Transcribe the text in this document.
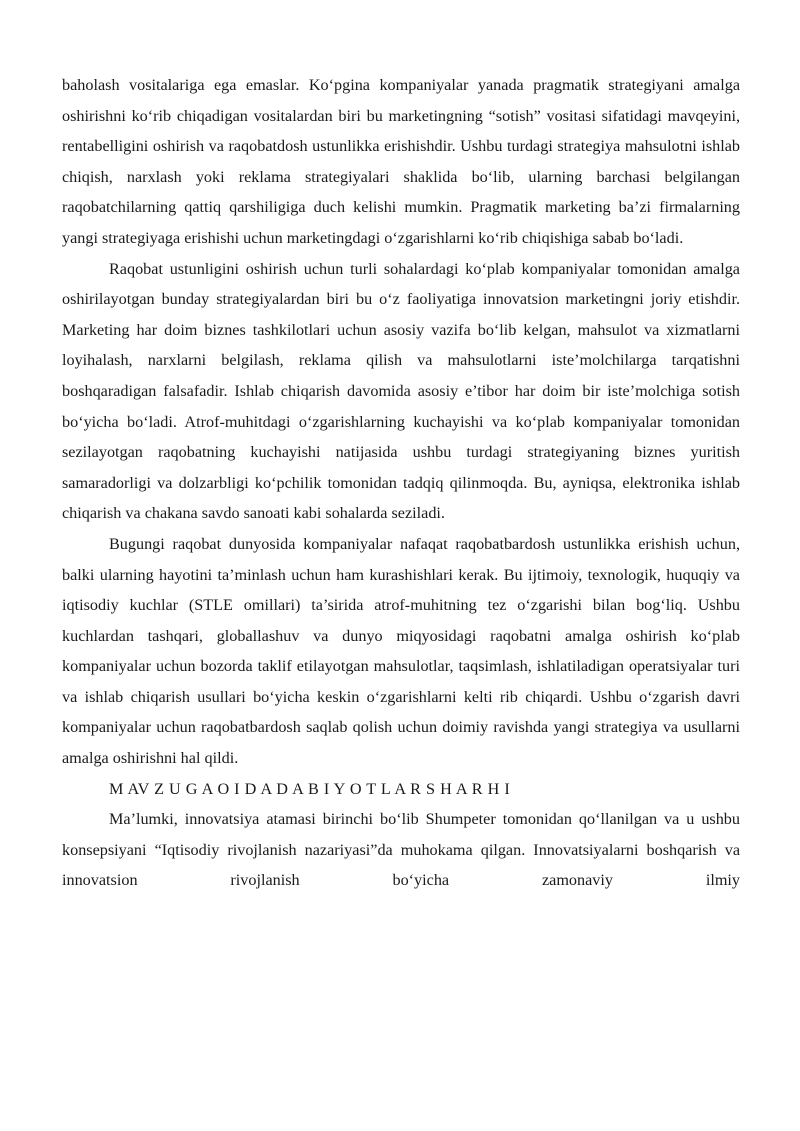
baholash vositalariga ega emaslar. Ko‘pgina kompaniyalar yanada pragmatik strategiyani amalga oshirishni ko‘rib chiqadigan vositalardan biri bu marketingning “sotish” vositasi sifatidagi mavqeyini, rentabelligini oshirish va raqobatdosh ustunlikka erishishdir. Ushbu turdagi strategiya mahsulotni ishlab chiqish, narxlash yoki reklama strategiyalari shaklida bo‘lib, ularning barchasi belgilangan raqobatchilarning qattiq qarshiligiga duch kelishi mumkin. Pragmatik marketing ba’zi firmalarning yangi strategiyaga erishishi uchun marketingdagi o‘zgarishlarni ko‘rib chiqishiga sabab bo‘ladi.

Raqobat ustunligini oshirish uchun turli sohalardagi ko‘plab kompaniyalar tomonidan amalga oshirilayotgan bunday strategiyalardan biri bu o‘z faoliyatiga innovatsion marketingni joriy etishdir. Marketing har doim biznes tashkilotlari uchun asosiy vazifa bo‘lib kelgan, mahsulot va xizmatlarni loyihalash, narxlarni belgilash, reklama qilish va mahsulotlarni iste’molchilarga tarqatishni boshqaradigan falsafadir. Ishlab chiqarish davomida asosiy e’tibor har doim bir iste’molchiga sotish bo‘yicha bo‘ladi. Atrof-muhitdagi o‘zgarishlarning kuchayishi va ko‘plab kompaniyalar tomonidan sezilayotgan raqobatning kuchayishi natijasida ushbu turdagi strategiyaning biznes yuritish samaradorligi va dolzarbligi ko‘pchilik tomonidan tadqiq qilinmoqda. Bu, ayniqsa, elektronika ishlab chiqarish va chakana savdo sanoati kabi sohalarda seziladi.

Bugungi raqobat dunyosida kompaniyalar nafaqat raqobatbardosh ustunlikka erishish uchun, balki ularning hayotini ta’minlash uchun ham kurashishlari kerak. Bu ijtimoiy, texnologik, huquqiy va iqtisodiy kuchlar (STLE omillari) ta’sirida atrof-muhitning tez o‘zgarishi bilan bog‘liq. Ushbu kuchlardan tashqari, globallashuv va dunyo miqyosidagi raqobatni amalga oshirish ko‘plab kompaniyalar uchun bozorda taklif etilayotgan mahsulotlar, taqsimlash, ishlatiladigan operatsiyalar turi va ishlab chiqarish usullari bo‘yicha keskin o‘zgarishlarni kelti rib chiqardi. Ushbu o‘zgarish davri kompaniyalar uchun raqobatbardosh saqlab qolish uchun doimiy ravishda yangi strategiya va usullarni amalga oshirishni hal qildi.

M AV Z U G A O I D A D A B I Y O T L A R S H A R H I

Ma’lumki, innovatsiya atamasi birinchi bo‘lib Shumpeter tomonidan qo‘llanilgan va u ushbu konsepsiyani “Iqtisodiy rivojlanish nazariyasi”da muhokama qilgan. Innovatsiyalarni boshqarish va innovatsion rivojlanish bo‘yicha zamonaviy ilmiy
